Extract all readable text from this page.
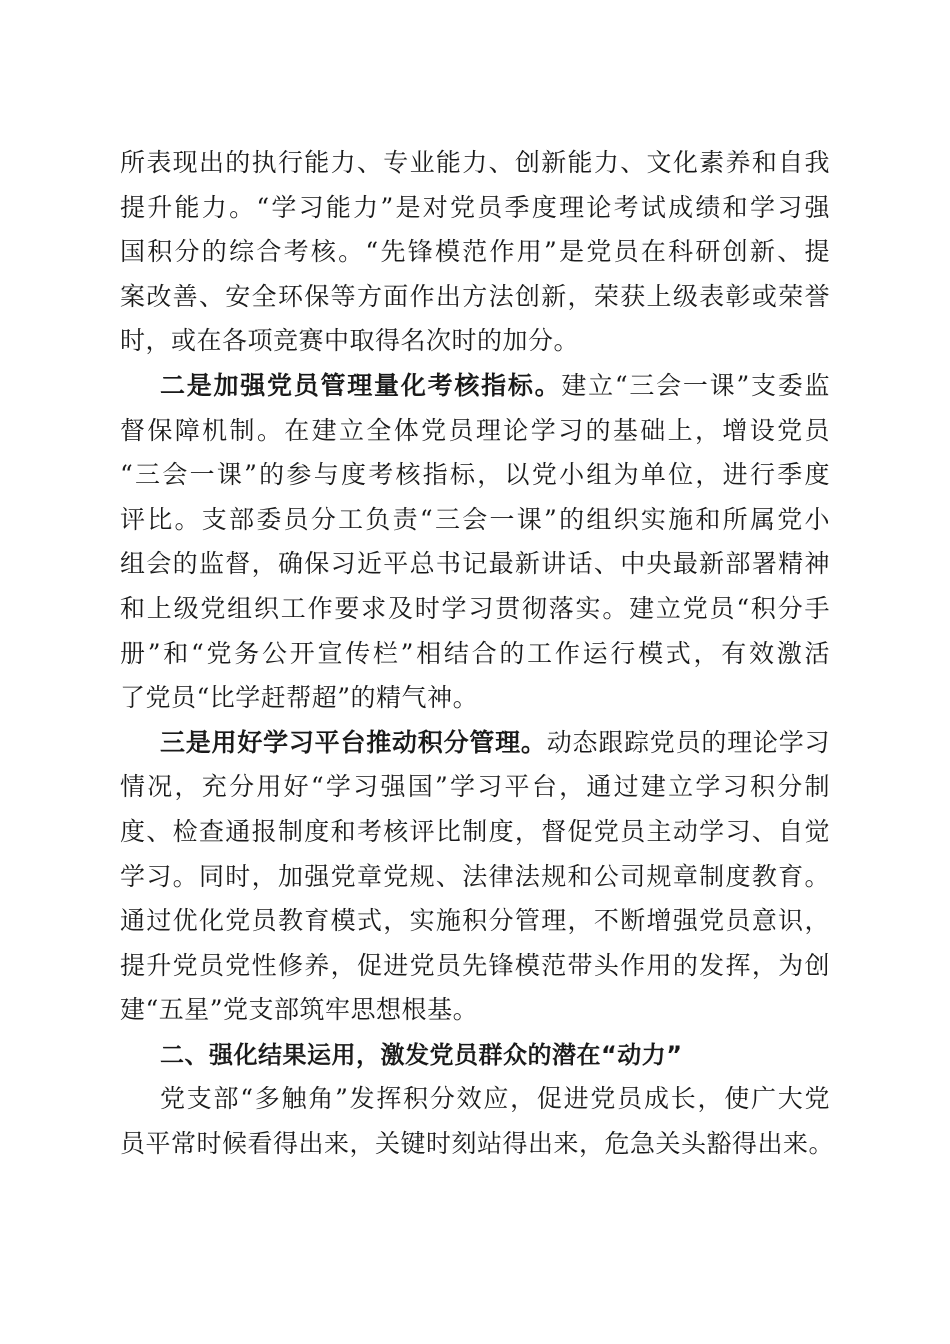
所表现出的执行能力、专业能力、创新能力、文化素养和自我
提升能力。“学习能力”是对党员季度理论考试成绩和学习强
国积分的综合考核。“先锋模范作用”是党员在科研创新、提
案改善、安全环保等方面作出方法创新，荣获上级表彰或荣誉
时，或在各项竞赛中取得名次时的加分。
二是加强党员管理量化考核指标。建立“三会一课”支委监
督保障机制。在建立全体党员理论学习的基础上，增设党员
“三会一课”的参与度考核指标，以党小组为单位，进行季度
评比。支部委员分工负责“三会一课”的组织实施和所属党小
组会的监督，确保习近平总书记最新讲话、中央最新部署精神
和上级党组织工作要求及时学习贯彻落实。建立党员“积分手
册”和“党务公开宣传栏”相结合的工作运行模式，有效激活
了党员“比学赶帮超”的精气神。
三是用好学习平台推动积分管理。动态跟踪党员的理论学习
情况，充分用好“学习强国”学习平台，通过建立学习积分制
度、检查通报制度和考核评比制度，督促党员主动学习、自觉
学习。同时，加强党章党规、法律法规和公司规章制度教育。
通过优化党员教育模式，实施积分管理，不断增强党员意识，
提升党员党性修养，促进党员先锋模范带头作用的发挥，为创
建“五星”党支部筑牢思想根基。
二、强化结果运用，激发党员群众的潜在“动力”
党支部“多触角”发挥积分效应，促进党员成长，使广大党
员平常时候看得出来，关键时刻站得出来，危急关头豁得出来。
